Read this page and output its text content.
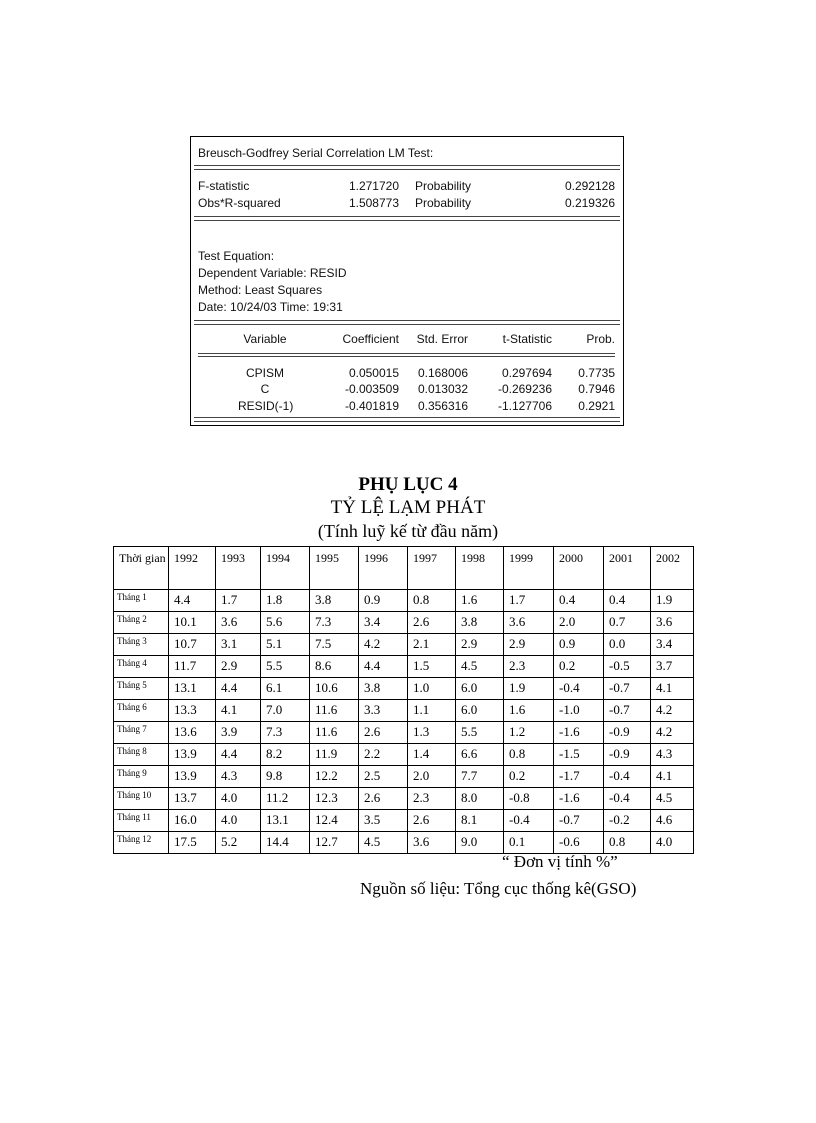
Breusch-Godfrey Serial Correlation LM Test:
F-statistic	1.271720 Probability	0.292128
Obs*R-squared	1.508773 Probability	0.219326
Test Equation:
Dependent Variable: RESID
Method: Least Squares
Date: 10/24/03 Time: 19:31
Variable	Coefficient	Std. Error	t-Statistic	Prob.
CPISM	0.050015	0.168006	0.297694	0.7735
C	-0.003509	0.013032	-0.269236	0.7946
RESID(-1)	-0.401819	0.356316	-1.127706	0.2921
PHỤ LỤC 4
TỶ LỆ LẠM PHÁT
(Tính luỹ kế từ đầu năm)
Thời gian	1992	1993	1994	1995	1996	1997	1998	1999	2000	2001	2002
Tháng 1	4.4	1.7	1.8	3.8	0.9	0.8	1.6	1.7	0.4	0.4	1.9
Tháng 2	10.1	3.6	5.6	7.3	3.4	2.6	3.8	3.6	2.0	0.7	3.6
Tháng 3	10.7	3.1	5.1	7.5	4.2	2.1	2.9	2.9	0.9	0.0	3.4
Tháng 4	11.7	2.9	5.5	8.6	4.4	1.5	4.5	2.3	0.2	-0.5	3.7
Tháng 5	13.1	4.4	6.1	10.6	3.8	1.0	6.0	1.9	-0.4	-0.7	4.1
Tháng 6	13.3	4.1	7.0	11.6	3.3	1.1	6.0	1.6	-1.0	-0.7	4.2
Tháng 7	13.6	3.9	7.3	11.6	2.6	1.3	5.5	1.2	-1.6	-0.9	4.2
Tháng 8	13.9	4.4	8.2	11.9	2.2	1.4	6.6	0.8	-1.5	-0.9	4.3
Tháng 9	13.9	4.3	9.8	12.2	2.5	2.0	7.7	0.2	-1.7	-0.4	4.1
Tháng 10	13.7	4.0	11.2	12.3	2.6	2.3	8.0	-0.8	-1.6	-0.4	4.5
Tháng 11	16.0	4.0	13.1	12.4	3.5	2.6	8.1	-0.4	-0.7	-0.2	4.6
Tháng 12	17.5	5.2	14.4	12.7	4.5	3.6	9.0	0.1	-0.6	0.8	4.0
“ Đơn vị tính %”
Nguồn số liệu: Tổng cục thống kê(GSO)
